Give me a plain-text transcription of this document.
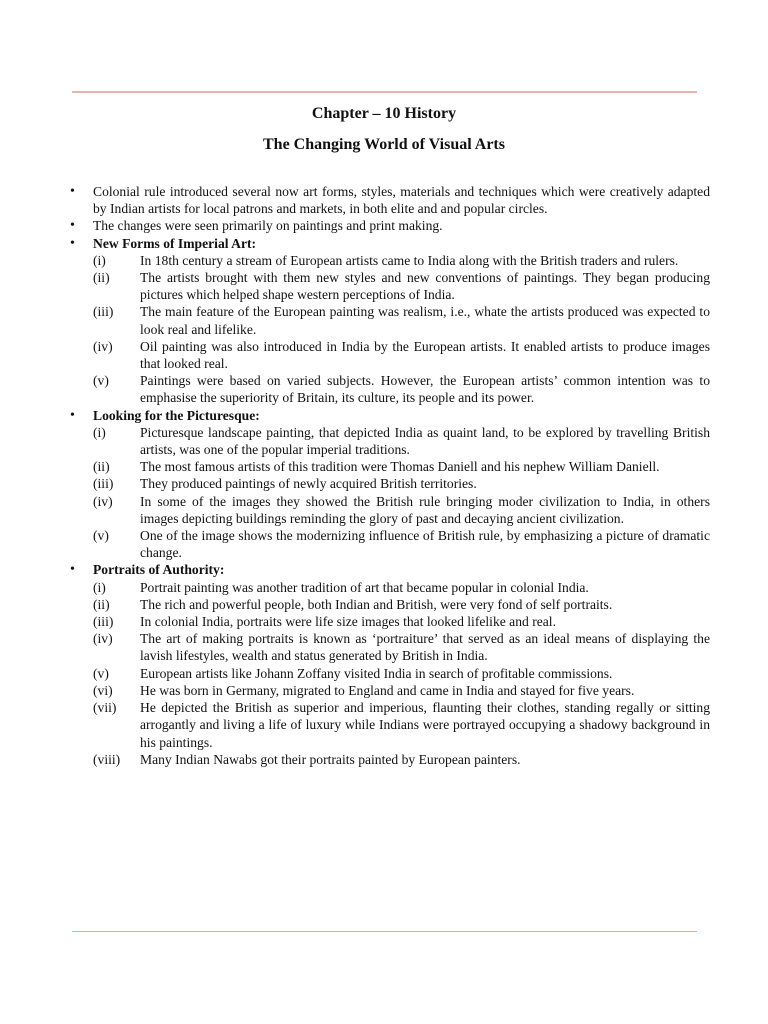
Chapter – 10 History
The Changing World of Visual Arts
• Colonial rule introduced several now art forms, styles, materials and techniques which were creatively adapted by Indian artists for local patrons and markets, in both elite and and popular circles.
• The changes were seen primarily on paintings and print making.
• New Forms of Imperial Art:
(i)	In 18th century a stream of European artists came to India along with the British traders and rulers.
(ii)	The artists brought with them new styles and new conventions of paintings. They began producing pictures which helped shape western perceptions of India.
(iii)	The main feature of the European painting was realism, i.e., whate the artists produced was expected to look real and lifelike.
(iv)	Oil painting was also introduced in India by the European artists. It enabled artists to produce images that looked real.
(v)	Paintings were based on varied subjects. However, the European artists’ common intention was to emphasise the superiority of Britain, its culture, its people and its power.
• Looking for the Picturesque:
(i)	Picturesque landscape painting, that depicted India as quaint land, to be explored by travelling British artists, was one of the popular imperial traditions.
(ii)	The most famous artists of this tradition were Thomas Daniell and his nephew William Daniell.
(iii)	They produced paintings of newly acquired British territories.
(iv)	In some of the images they showed the British rule bringing moder civilization to India, in others images depicting buildings reminding the glory of past and decaying ancient civilization.
(v)	One of the image shows the modernizing influence of British rule, by emphasizing a picture of dramatic change.
• Portraits of Authority:
(i)	Portrait painting was another tradition of art that became popular in colonial India.
(ii)	The rich and powerful people, both Indian and British, were very fond of self portraits.
(iii)	In colonial India, portraits were life size images that looked lifelike and real.
(iv)	The art of making portraits is known as ‘portraiture’ that served as an ideal means of displaying the lavish lifestyles, wealth and status generated by British in India.
(v)	European artists like Johann Zoffany visited India in search of profitable commissions.
(vi)	He was born in Germany, migrated to England and came in India and stayed for five years.
(vii)	He depicted the British as superior and imperious, flaunting their clothes, standing regally or sitting arrogantly and living a life of luxury while Indians were portrayed occupying a shadowy background in his paintings.
(viii)	Many Indian Nawabs got their portraits painted by European painters.
